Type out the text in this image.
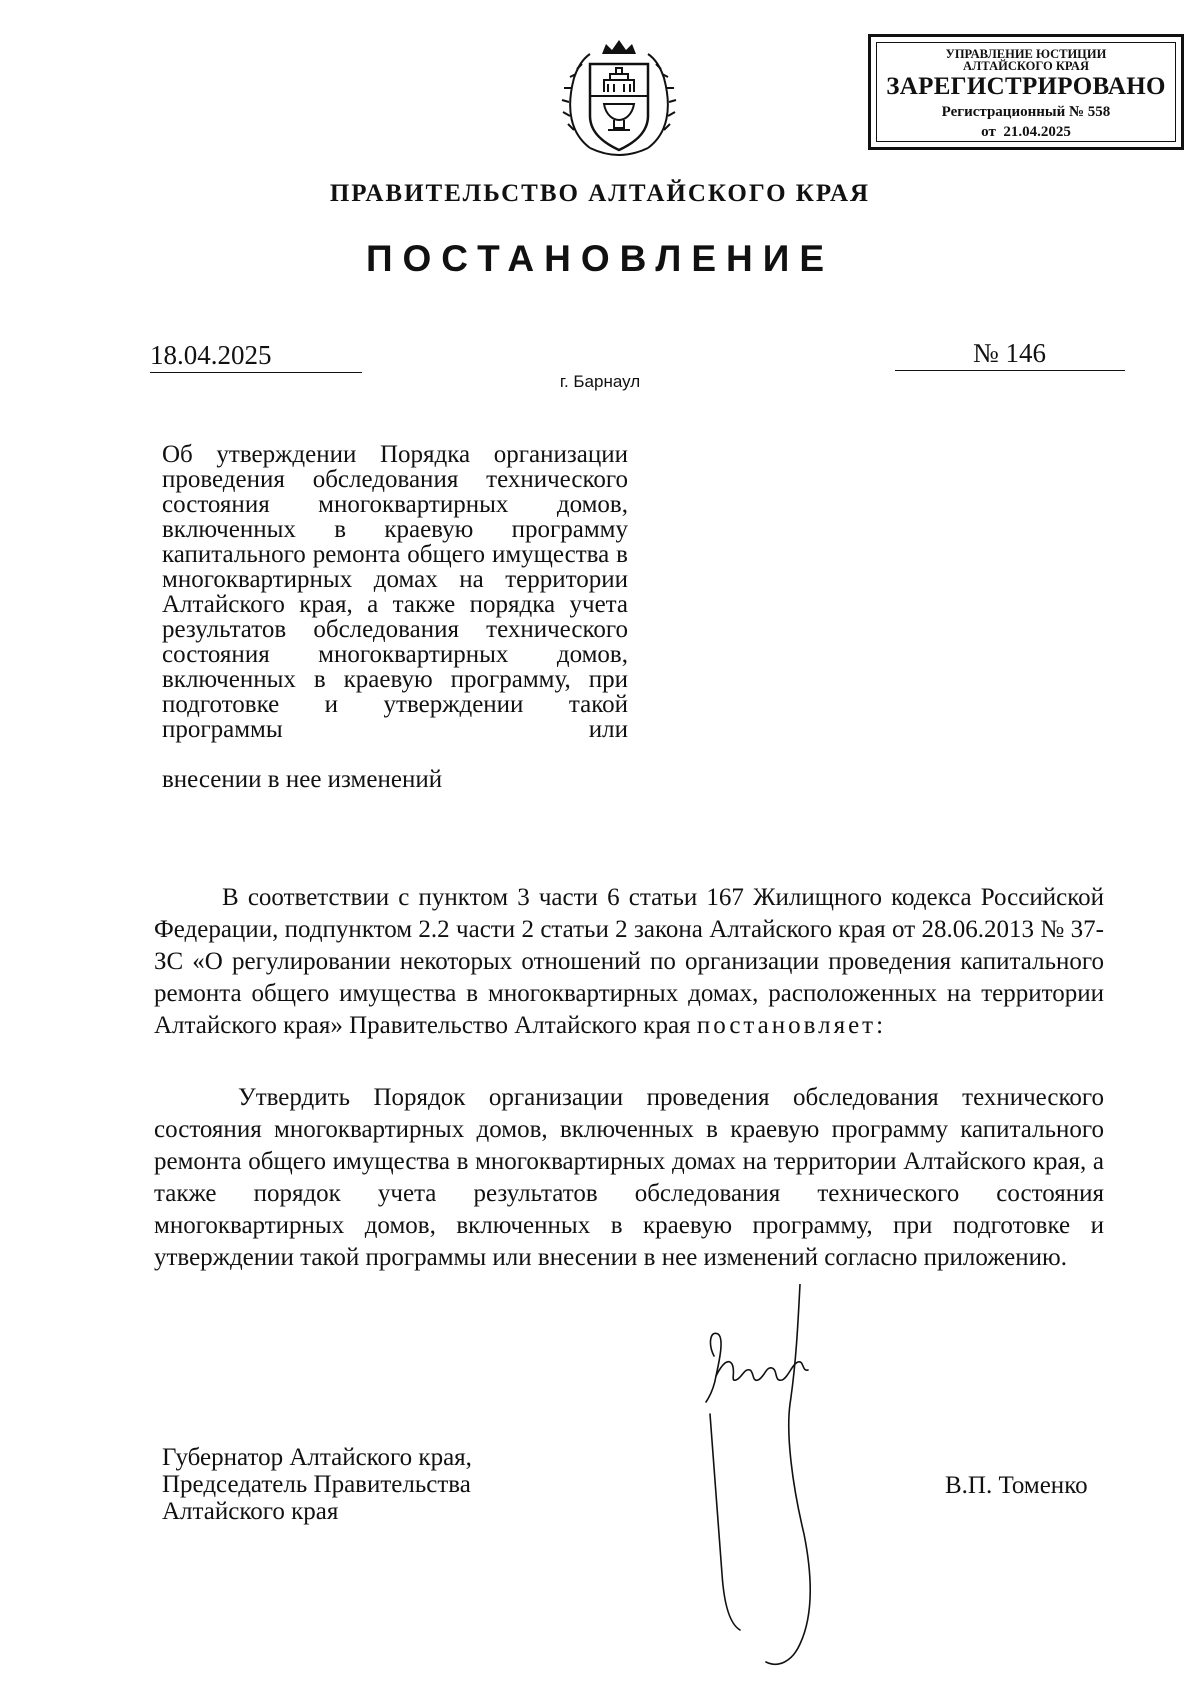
УПРАВЛЕНИЕ ЮСТИЦИИ
АЛТАЙСКОГО КРАЯ
ЗАРЕГИСТРИРОВАНО
Регистрационный № 558
от  21.04.2025
ПРАВИТЕЛЬСТВО АЛТАЙСКОГО КРАЯ
ПОСТАНОВЛЕНИЕ
18.04.2025	№ 146
г. Барнаул
Об утверждении Порядка организации проведения обследования технического состояния многоквартирных домов, включенных в краевую программу капитального ремонта общего имущества в многоквартирных домах на территории Алтайского края, а также порядка учета результатов обследования технического состояния многоквартирных домов, включенных в краевую программу, при подготовке и утверждении такой программы или
внесении в нее изменений
В соответствии с пунктом 3 части 6 статьи 167 Жилищного кодекса Российской Федерации, подпунктом 2.2 части 2 статьи 2 закона Алтайского края от 28.06.2013 № 37-ЗС «О регулировании некоторых отношений по организации проведения капитального ремонта общего имущества в многоквартирных домах, расположенных на территории Алтайского края» Правительство Алтайского края постановляет:
Утвердить Порядок организации проведения обследования технического состояния многоквартирных домов, включенных в краевую программу капитального ремонта общего имущества в многоквартирных домах на территории Алтайского края, а также порядок учета результатов обследования технического состояния многоквартирных домов, включенных в краевую программу, при подготовке и утверждении такой программы или внесении в нее изменений согласно приложению.
Губернатор Алтайского края,
Председатель Правительства
Алтайского края
В.П. Томенко
